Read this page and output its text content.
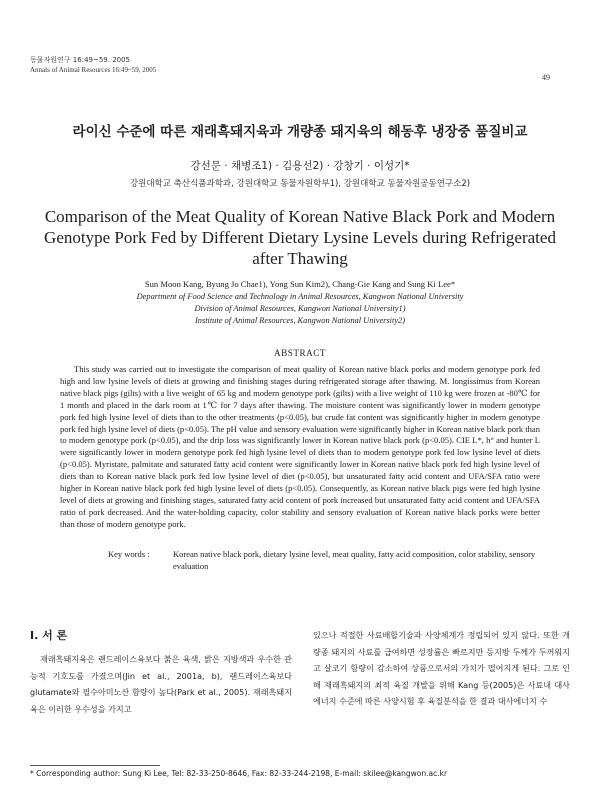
동물자원연구 16:49~59. 2005
Annals of Animal Resources 16:49~59, 2005
49
라이신 수준에 따른 재래흑돼지육과 개량종 돼지육의 해동후 냉장중 품질비교
강선문 · 채병조1) · 김용선2) · 강창기 · 이성기*
강원대학교 축산식품과학과, 강원대학교 동물자원학부1), 강원대학교 동물자원공동연구소2)
Comparison of the Meat Quality of Korean Native Black Pork and Modern Genotype Pork Fed by Different Dietary Lysine Levels during Refrigerated after Thawing
Sun Moon Kang, Byung Jo Chae1), Yong Sun Kim2), Chang-Gie Kang and Sung Ki Lee*
Department of Food Science and Technology in Animal Resources, Kangwon National University
Division of Animal Resources, Kangwon National University1)
Institute of Animal Resources, Kangwon National University2)
ABSTRACT

This study was carried out to investigate the comparison of meat quality of Korean native black porks and modern genotype pork fed high and low lysine levels of diets at growing and finishing stages during refrigerated storage after thawing. M. longissimus from Korean native black pigs (gilts) with a live weight of 65 kg and modern genotype pork (gilts) with a live weight of 110 kg were frozen at -80℃ for 1 month and placed in the dark room at 1℃ for 7 days after thawing. The moisture content was significantly lower in modern genotype pork fed high lysine level of diets than to the other treatments (p<0.05), but crude fat content was significantly higher in modern genotype pork fed high lysine level of diets (p<0.05). The pH value and sensory evaluation were significantly higher in Korean native black pork than to modern genotype pork (p<0.05), and the drip loss was significantly lower in Korean native black pork (p<0.05). CIE L*, h° and hunter L were significantly lower in modern genotype pork fed high lysine level of diets than to modern genotype pork fed low lysine level of diets (p<0.05). Myristate, palmitate and saturated fatty acid content were significantly lower in Korean native black pork fed high lysine level of diets than to Korean native black pork fed low lysine level of diet (p<0.05), but unsaturated fatty acid content and UFA/SFA ratio were higher in Korean native black pork fed high lysine level of diets (p<0.05). Consequently, as Korean native black pigs were fed high lysine level of diets at growing and finishing stages, saturated fatty acid content of pork increased but unsaturated fatty acid content and UFA/SFA ratio of pork decreased. And the water-holding capacity, color stability and sensory evaluation of Korean native black porks were better than those of modern genotype pork.

Key words :	Korean native black pork, dietary lysine level, meat quality, fatty acid composition, color stability, sensory evaluation
Ⅰ. 서 론

재래흑돼지육은 랜드레이스육보다 붉은 육색, 밝은 지방색과 우수한 관능적 기호도를 가졌으며(Jin et al., 2001a, b), 랜드레이스육보다 glutamate와 필수아미노산 함량이 높다(Park et al., 2005). 재래흑돼지육은 이러한 우수성을 가지고

있으나 적절한 사료배합기술과 사양체계가 정립되어 있지 않다. 또한 개량종 돼지의 사료를 급여하면 성장률은 빠르지만 등지방 두께가 두꺼워지고 살코기 함량이 감소하여 상품으로서의 가치가 떨어지게 된다. 그로 인해 재래흑돼지의 최적 육질 개발을 위해 Kang 등(2005)은 사료내 대사에너지 수준에 따른 사양시험 후 육질분석을 한 결과 대사에너지 수

* Corresponding author: Sung Ki Lee, Tel: 82-33-250-8646, Fax: 82-33-244-2198, E-mail: skilee@kangwon.ac.kr
